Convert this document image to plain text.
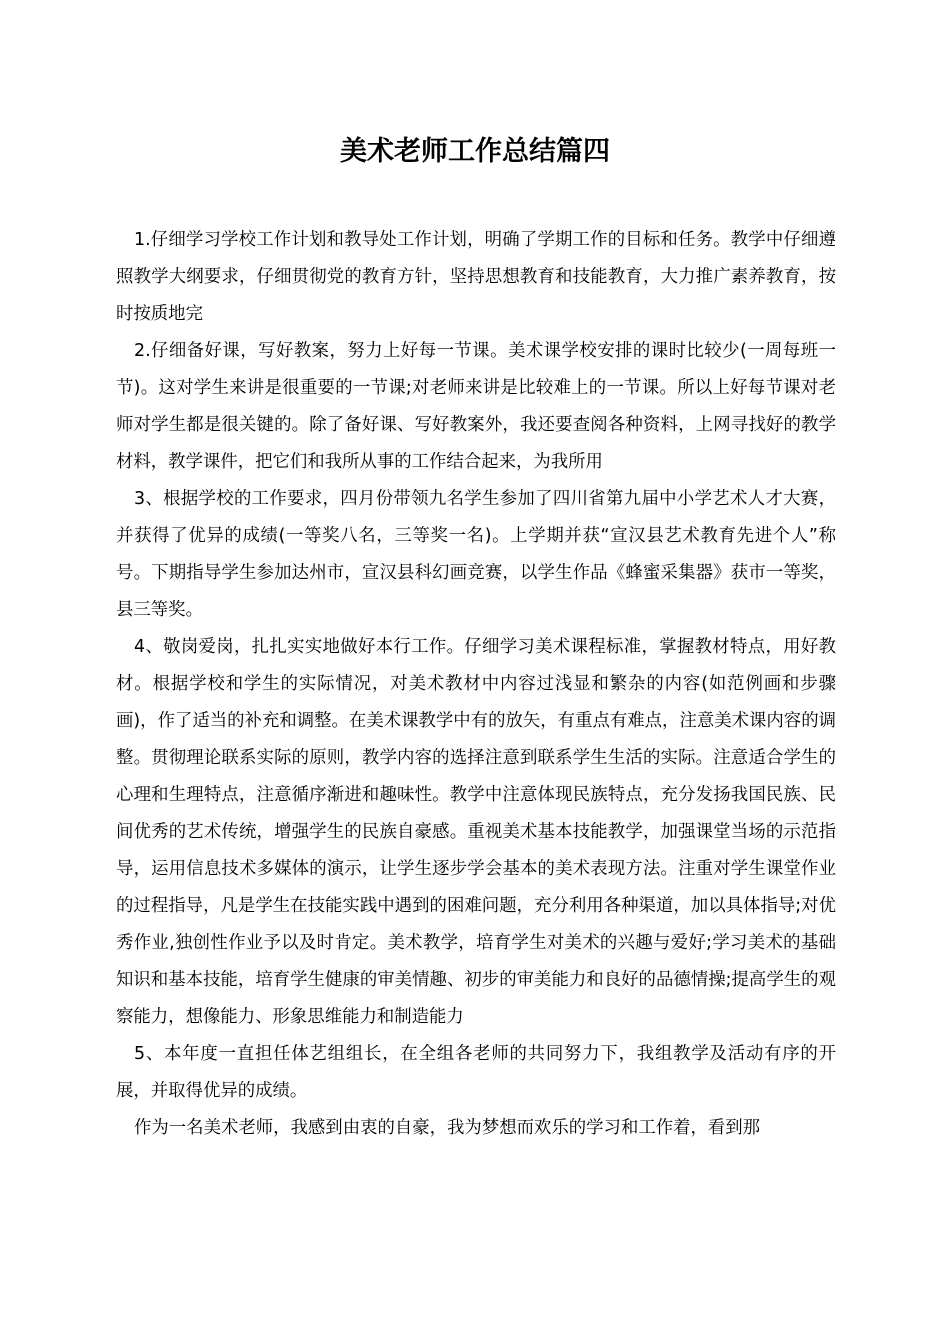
美术老师工作总结篇四

1.仔细学习学校工作计划和教导处工作计划，明确了学期工作的目标和任务。教学中仔细遵照教学大纲要求，仔细贯彻党的教育方针，坚持思想教育和技能教育，大力推广素养教育，按时按质地完

2.仔细备好课，写好教案，努力上好每一节课。美术课学校安排的课时比较少(一周每班一节)。这对学生来讲是很重要的一节课;对老师来讲是比较难上的一节课。所以上好每节课对老师对学生都是很关键的。除了备好课、写好教案外，我还要查阅各种资料，上网寻找好的教学材料，教学课件，把它们和我所从事的工作结合起来，为我所用

3、根据学校的工作要求，四月份带领九名学生参加了四川省第九届中小学艺术人才大赛，并获得了优异的成绩(一等奖八名，三等奖一名)。上学期并获“宣汉县艺术教育先进个人”称号。下期指导学生参加达州市，宣汉县科幻画竞赛，以学生作品《蜂蜜采集器》获市一等奖，县三等奖。

4、敬岗爱岗，扎扎实实地做好本行工作。仔细学习美术课程标准，掌握教材特点，用好教材。根据学校和学生的实际情况，对美术教材中内容过浅显和繁杂的内容(如范例画和步骤画)，作了适当的补充和调整。在美术课教学中有的放矢，有重点有难点，注意美术课内容的调整。贯彻理论联系实际的原则，教学内容的选择注意到联系学生生活的实际。注意适合学生的心理和生理特点，注意循序渐进和趣味性。教学中注意体现民族特点，充分发扬我国民族、民间优秀的艺术传统，增强学生的民族自豪感。重视美术基本技能教学，加强课堂当场的示范指导，运用信息技术多媒体的演示，让学生逐步学会基本的美术表现方法。注重对学生课堂作业的过程指导，凡是学生在技能实践中遇到的困难问题，充分利用各种渠道，加以具体指导;对优秀作业,独创性作业予以及时肯定。美术教学，培育学生对美术的兴趣与爱好;学习美术的基础知识和基本技能，培育学生健康的审美情趣、初步的审美能力和良好的品德情操;提高学生的观察能力，想像能力、形象思维能力和制造能力

5、本年度一直担任体艺组组长，在全组各老师的共同努力下，我组教学及活动有序的开展，并取得优异的成绩。

作为一名美术老师，我感到由衷的自豪，我为梦想而欢乐的学习和工作着，看到那
